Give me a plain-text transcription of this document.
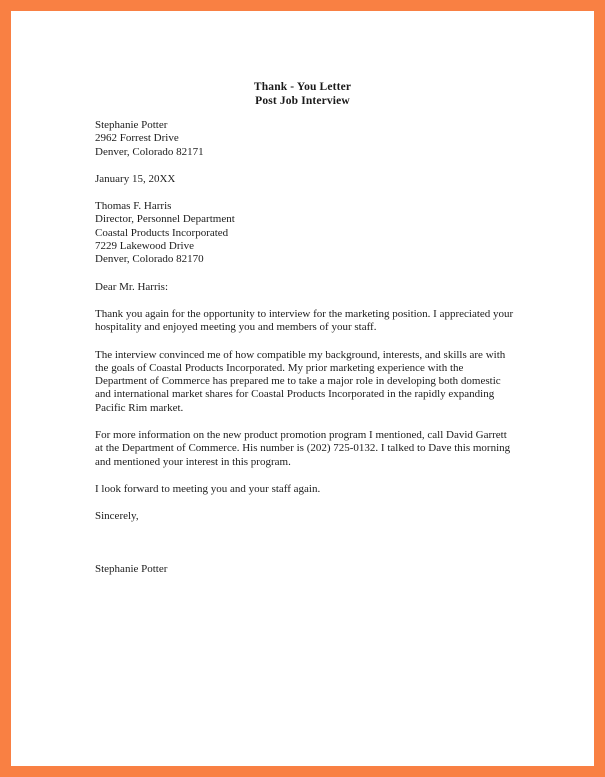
Thank - You Letter
Post Job Interview
Stephanie Potter
2962 Forrest Drive
Denver, Colorado 82171
January 15, 20XX
Thomas F. Harris
Director, Personnel Department
Coastal Products Incorporated
7229 Lakewood Drive
Denver, Colorado 82170
Dear Mr. Harris:

Thank you again for the opportunity to interview for the marketing position. I appreciated your hospitality and enjoyed meeting you and members of your staff.

The interview convinced me of how compatible my background, interests, and skills are with the goals of Coastal Products Incorporated. My prior marketing experience with the Department of Commerce has prepared me to take a major role in developing both domestic and international market shares for Coastal Products Incorporated in the rapidly expanding Pacific Rim market.

For more information on the new product promotion program I mentioned, call David Garrett at the Department of Commerce. His number is (202) 725-0132. I talked to Dave this morning and mentioned your interest in this program.

I look forward to meeting you and your staff again.

Sincerely,
Stephanie Potter
